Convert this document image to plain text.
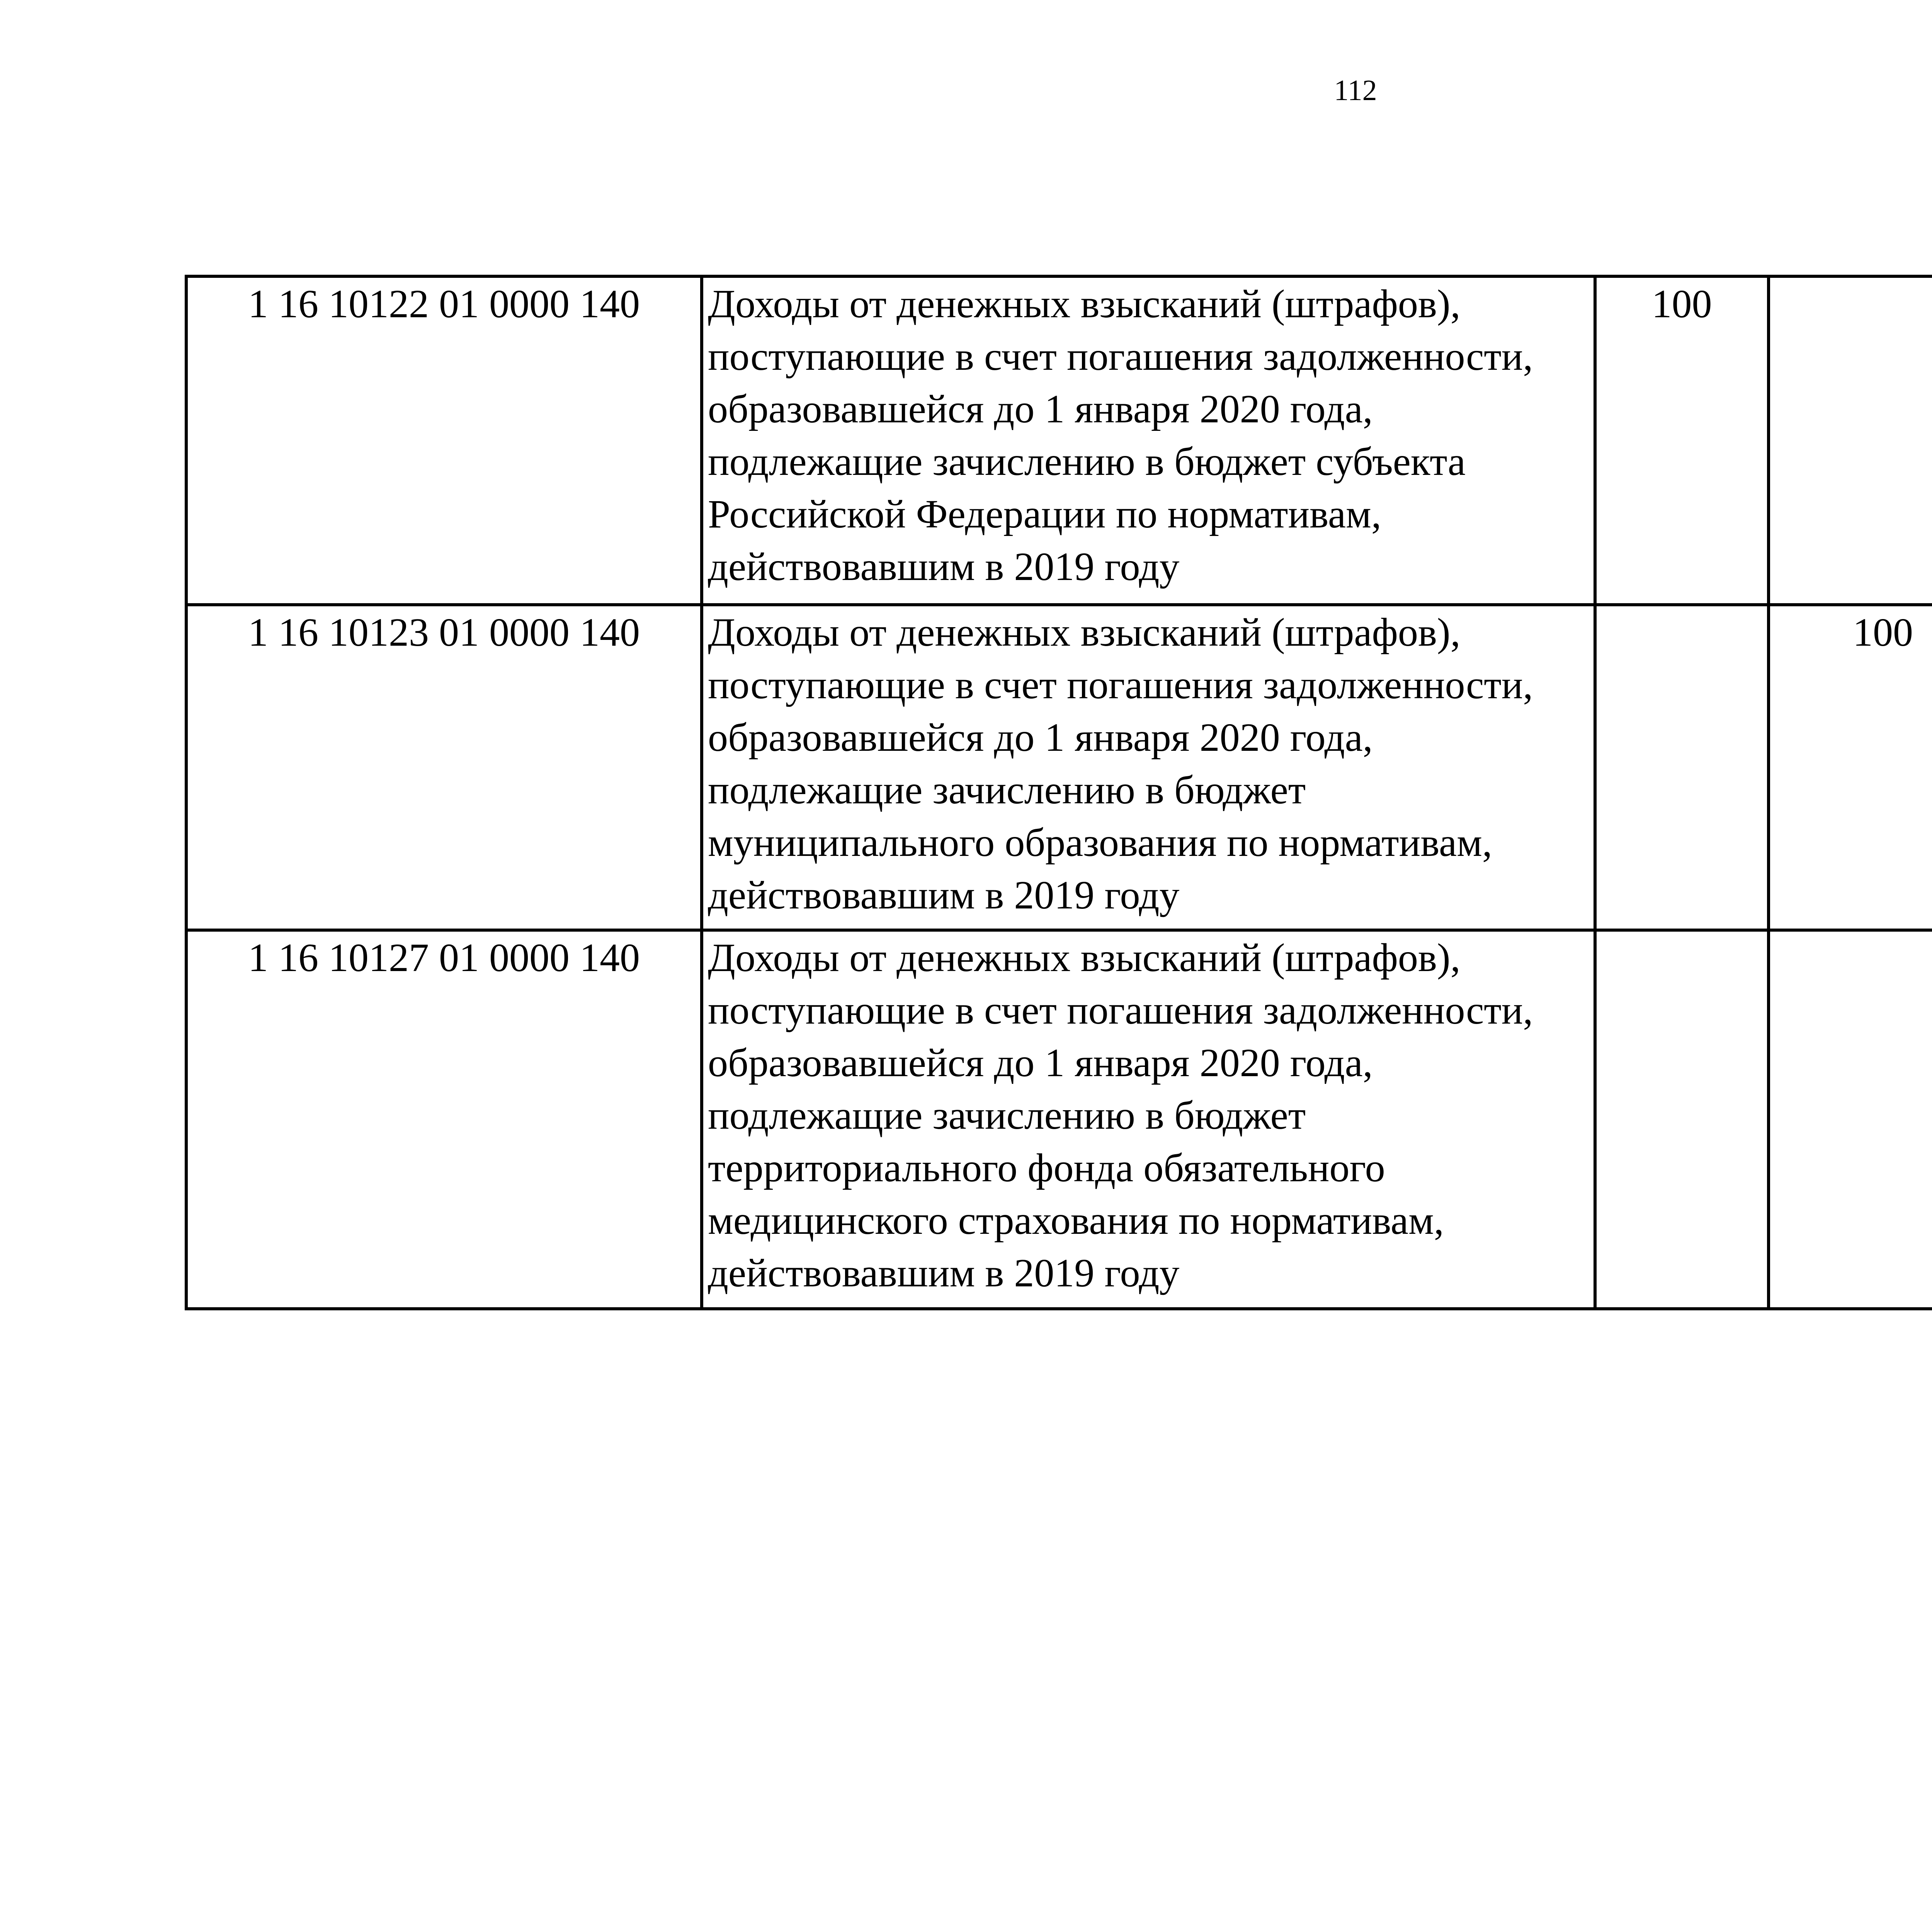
112
1 16 10122 01 0000 140	Доходы от денежных взысканий (штрафов), поступающие в счет погашения задолженности, образовавшейся до 1 января 2020 года, подлежащие зачислению в бюджет субъекта Российской Федерации по нормативам, действовавшим в 2019 году	100				
1 16 10123 01 0000 140	Доходы от денежных взысканий (штрафов), поступающие в счет погашения задолженности, образовавшейся до 1 января 2020 года, подлежащие зачислению в бюджет муниципального образования по нормативам, действовавшим в 2019 году		100			
1 16 10127 01 0000 140	Доходы от денежных взысканий (штрафов), поступающие в счет погашения задолженности, образовавшейся до 1 января 2020 года, подлежащие зачислению в бюджет территориального фонда обязательного медицинского страхования по нормативам, действовавшим в 2019 году					
